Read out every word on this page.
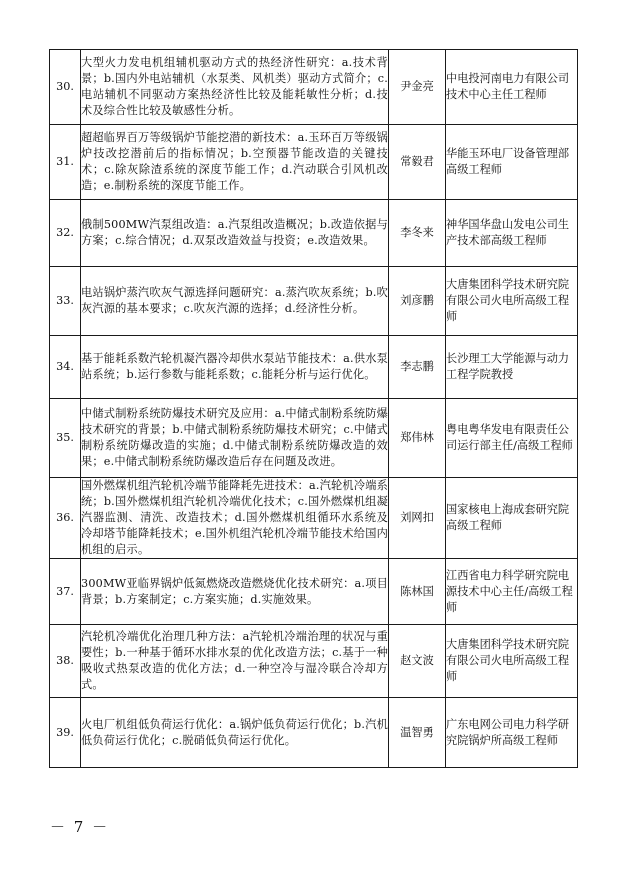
30.	大型火力发电机组辅机驱动方式的热经济性研究：a.技术背景；b.国内外电站辅机（水泵类、风机类）驱动方式简介；c.电站辅机不同驱动方案热经济性比较及能耗敏性分析；d.技术及综合性比较及敏感性分析。	尹金亮	中电投河南电力有限公司技术中心主任工程师
31.	超超临界百万等级锅炉节能挖潜的新技术：a.玉环百万等级锅炉技改挖潜前后的指标情况；b.空预器节能改造的关键技术；c.除灰除渣系统的深度节能工作；d.汽动联合引风机改造；e.制粉系统的深度节能工作。	常毅君	华能玉环电厂设备管理部高级工程师
32.	俄制500MW汽泵组改造：a.汽泵组改造概况；b.改造依据与方案；c.综合情况；d.双泵改造效益与投资；e.改造效果。	李冬来	神华国华盘山发电公司生产技术部高级工程师
33.	电站锅炉蒸汽吹灰气源选择问题研究：a.蒸汽吹灰系统；b.吹灰汽源的基本要求；c.吹灰汽源的选择；d.经济性分析。	刘彦鹏	大唐集团科学技术研究院有限公司火电所高级工程师
34.	基于能耗系数汽轮机凝汽器冷却供水泵站节能技术：a.供水泵站系统；b.运行参数与能耗系数；c.能耗分析与运行优化。	李志鹏	长沙理工大学能源与动力工程学院教授
35.	中储式制粉系统防爆技术研究及应用：a.中储式制粉系统防爆技术研究的背景；b.中储式制粉系统防爆技术研究；c.中储式制粉系统防爆改造的实施；d.中储式制粉系统防爆改造的效果；e.中储式制粉系统防爆改造后存在问题及改进。	郑伟林	粤电粤华发电有限责任公司运行部主任/高级工程师
36.	国外燃煤机组汽轮机冷端节能降耗先进技术：a.汽轮机冷端系统；b.国外燃煤机组汽轮机冷端优化技术；c.国外燃煤机组凝汽器监测、清洗、改造技术；d.国外燃煤机组循环水系统及冷却塔节能降耗技术；e.国外机组汽轮机冷端节能技术给国内机组的启示。	刘网扣	国家核电上海成套研究院高级工程师
37.	300MW亚临界锅炉低氮燃烧改造燃烧优化技术研究：a.项目背景；b.方案制定；c.方案实施；d.实施效果。	陈林国	江西省电力科学研究院电源技术中心主任/高级工程师
38.	汽轮机冷端优化治理几种方法：a汽轮机冷端治理的状况与重要性；b.一种基于循环水排水泵的优化改造方法；c.基于一种吸收式热泵改造的优化方法；d.一种空冷与湿冷联合冷却方式。	赵文波	大唐集团科学技术研究院有限公司火电所高级工程师
39.	火电厂机组低负荷运行优化：a.锅炉低负荷运行优化；b.汽机低负荷运行优化；c.脱硝低负荷运行优化。	温智勇	广东电网公司电力科学研究院锅炉所高级工程师
－ 7 －
